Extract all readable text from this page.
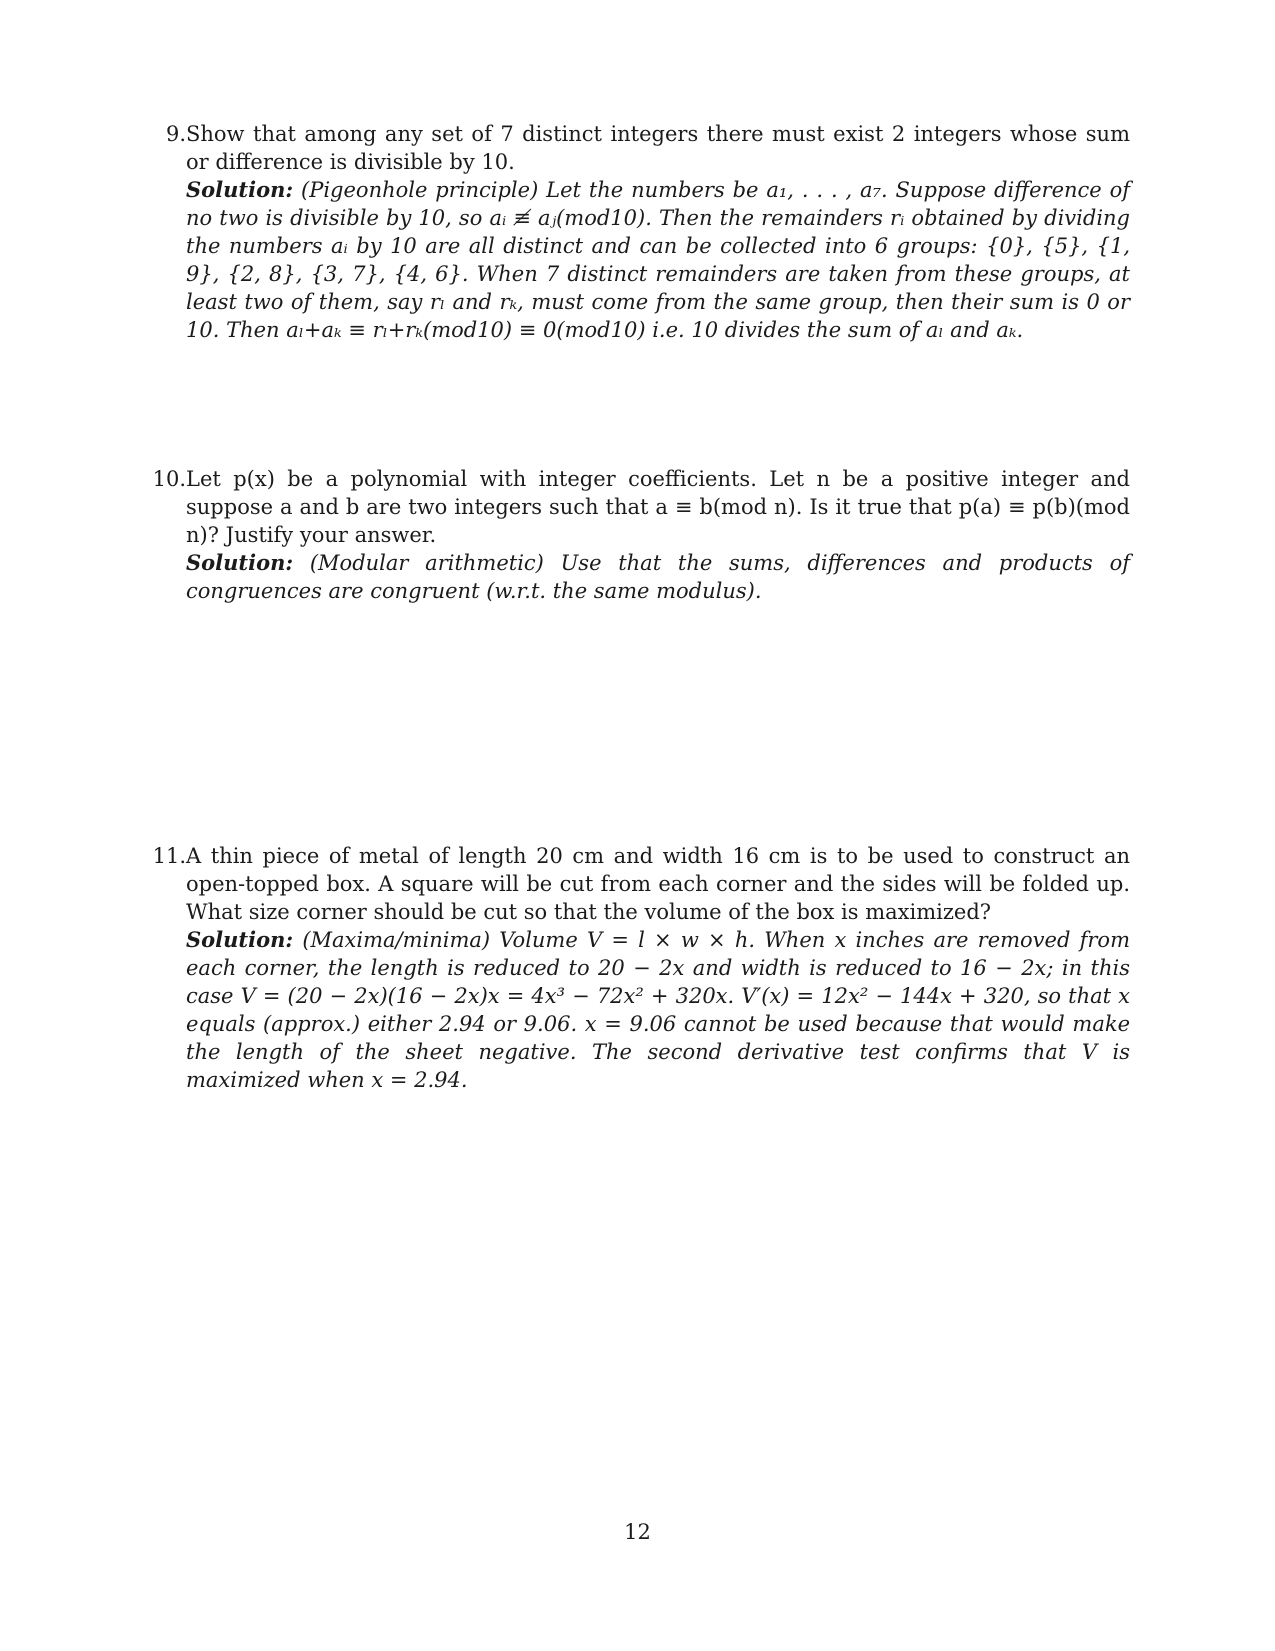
9. Show that among any set of 7 distinct integers there must exist 2 integers whose sum or difference is divisible by 10.
Solution: (Pigeonhole principle) Let the numbers be a₁, . . . , a₇. Suppose difference of no two is divisible by 10, so aᵢ ≢ aⱼ(mod10). Then the remainders rᵢ obtained by dividing the numbers aᵢ by 10 are all distinct and can be collected into 6 groups: {0}, {5}, {1, 9}, {2, 8}, {3, 7}, {4, 6}. When 7 distinct remainders are taken from these groups, at least two of them, say rₗ and rₖ, must come from the same group, then their sum is 0 or 10. Then aₗ+aₖ ≡ rₗ+rₖ(mod10) ≡ 0(mod10) i.e. 10 divides the sum of aₗ and aₖ.
10. Let p(x) be a polynomial with integer coefficients. Let n be a positive integer and suppose a and b are two integers such that a ≡ b(mod n). Is it true that p(a) ≡ p(b)(mod n)? Justify your answer.
Solution: (Modular arithmetic) Use that the sums, differences and products of congruences are congruent (w.r.t. the same modulus).
11. A thin piece of metal of length 20 cm and width 16 cm is to be used to construct an open-topped box. A square will be cut from each corner and the sides will be folded up. What size corner should be cut so that the volume of the box is maximized?
Solution: (Maxima/minima) Volume V = l × w × h. When x inches are removed from each corner, the length is reduced to 20 − 2x and width is reduced to 16 − 2x; in this case V = (20 − 2x)(16 − 2x)x = 4x³ − 72x² + 320x. V′(x) = 12x² − 144x + 320, so that x equals (approx.) either 2.94 or 9.06. x = 9.06 cannot be used because that would make the length of the sheet negative. The second derivative test confirms that V is maximized when x = 2.94.
12
